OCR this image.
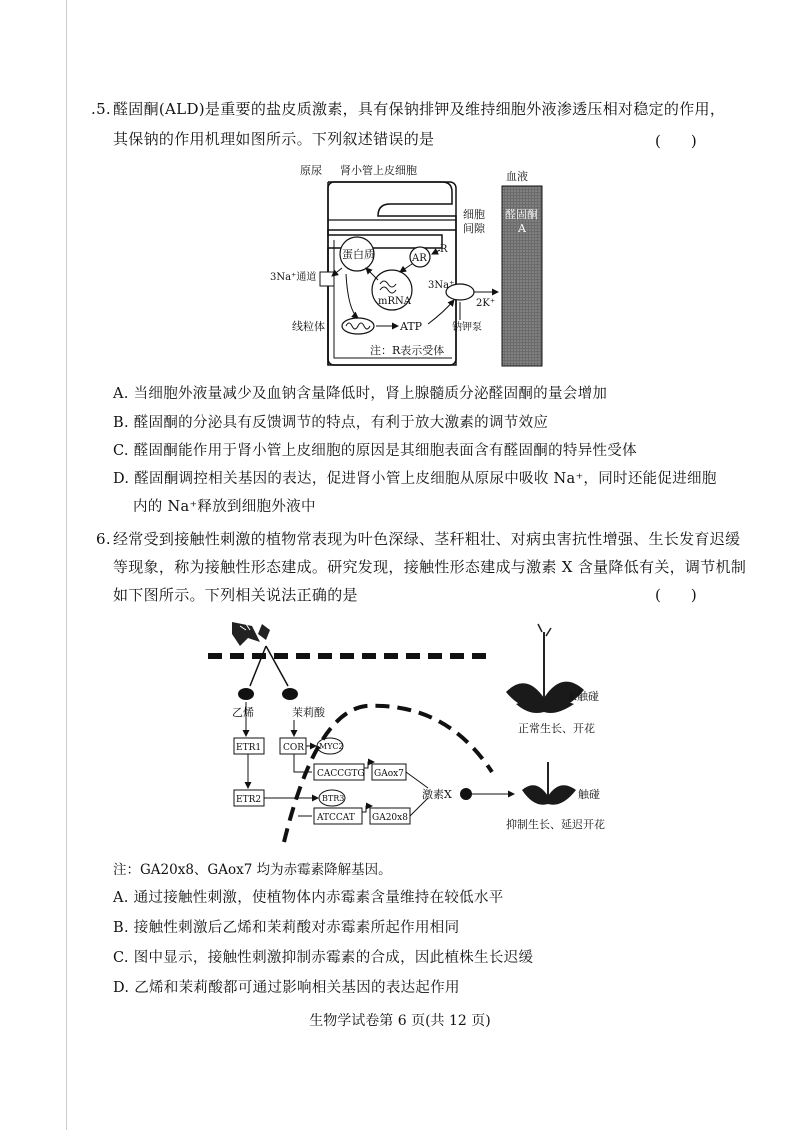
.5. 醛固酮(ALD)是重要的盐皮质激素，具有保钠排钾及维持细胞外液渗透压相对稳定的作用，
其保钠的作用机理如图所示。下列叙述错误的是	(　　)
原尿 肾小管上皮细胞	血液
细胞
间隙
醛固酮
A
蛋白质	AR
R
mRNA
3Na⁺通道
3Na⁺
2K⁺
钠钾泵
线粒体	ATP
注：R表示受体
A. 当细胞外液量减少及血钠含量降低时，肾上腺髓质分泌醛固酮的量会增加
B. 醛固酮的分泌具有反馈调节的特点，有利于放大激素的调节效应
C. 醛固酮能作用于肾小管上皮细胞的原因是其细胞表面含有醛固酮的特异性受体
D. 醛固酮调控相关基因的表达，促进肾小管上皮细胞从原尿中吸收 Na⁺，同时还能促进细胞
内的 Na⁺释放到细胞外液中
6. 经常受到接触性刺激的植物常表现为叶色深绿、茎秆粗壮、对病虫害抗性增强、生长发育迟缓
等现象，称为接触性形态建成。研究发现，接触性形态建成与激素 X 含量降低有关，调节机制
如下图所示。下列相关说法正确的是	(　　)
乙烯	茉莉酸
ETR1
ETR2
COR MYC2
CACCGTG GAox7
BTR3
ATCCAT GA20x8
激素X
未触碰
正常生长、开花
触碰
抑制生长、延迟开花
注：GA20x8、GAox7 均为赤霉素降解基因。
A. 通过接触性刺激，使植物体内赤霉素含量维持在较低水平
B. 接触性刺激后乙烯和茉莉酸对赤霉素所起作用相同
C. 图中显示，接触性刺激抑制赤霉素的合成，因此植株生长迟缓
D. 乙烯和茉莉酸都可通过影响相关基因的表达起作用
生物学试卷第 6 页(共 12 页)
